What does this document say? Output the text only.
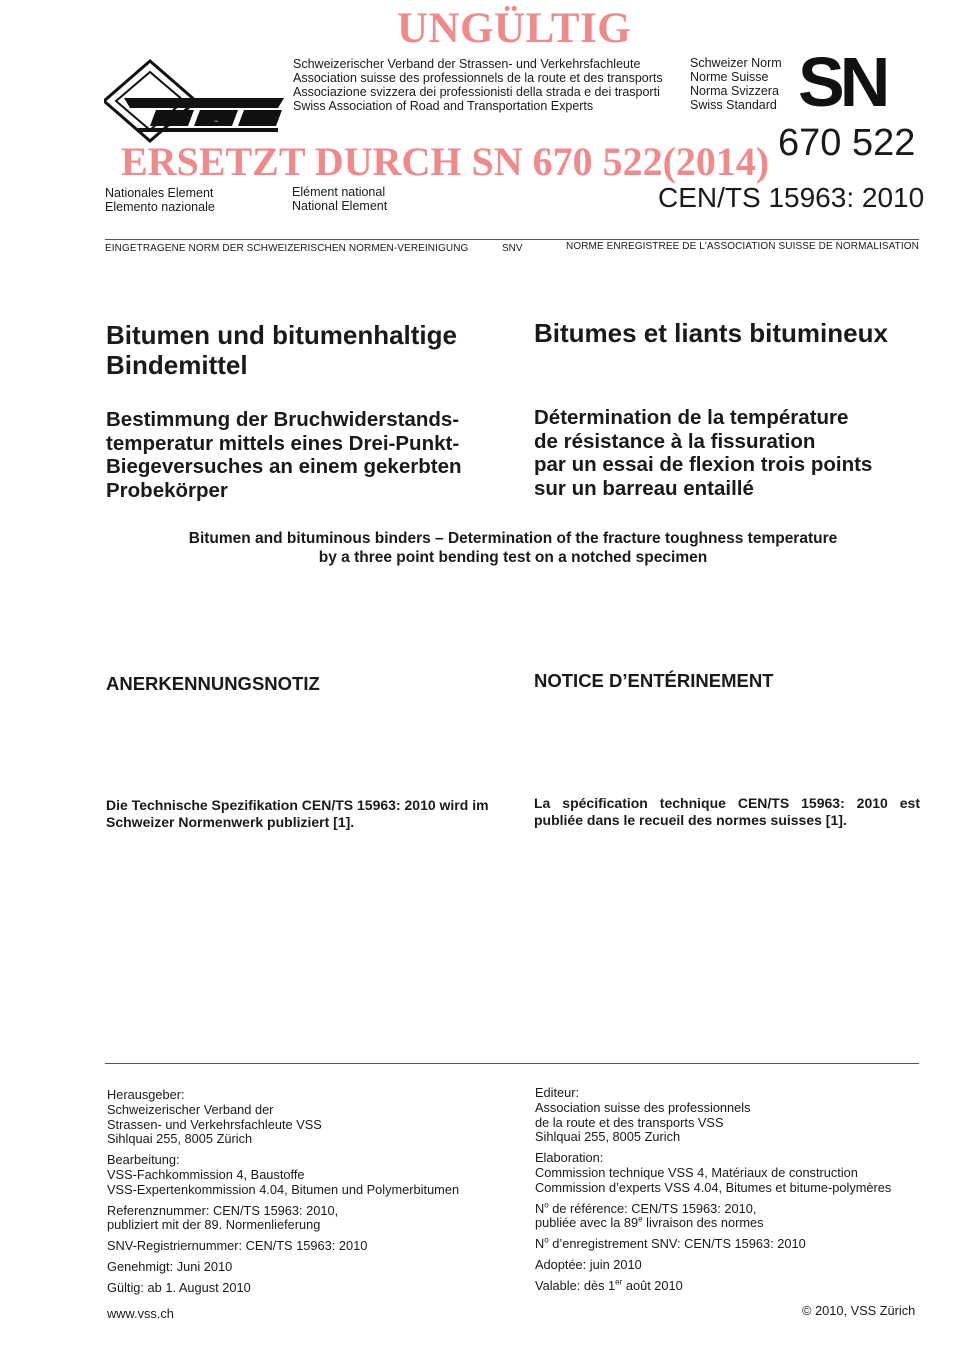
UNGÜLTIG
VSS
Schweizerischer Verband der Strassen- und Verkehrsfachleute
Association suisse des professionnels de la route et des transports
Associazione svizzera dei professionisti della strada e dei trasporti
Swiss Association of Road and Transportation Experts
Schweizer Norm
Norme Suisse
Norma Svizzera
Swiss Standard SN
670 522
ERSETZT DURCH SN 670 522(2014)
CEN/TS 15963: 2010
Nationales Element
Elemento nazionale
Elément national
National Element
EINGETRAGENE NORM DER SCHWEIZERISCHEN NORMEN-VEREINIGUNG	SNV	NORME ENREGISTREE DE L'ASSOCIATION SUISSE DE NORMALISATION
Bitumen und bitumenhaltige
Bindemittel
Bestimmung der Bruchwiderstands-
temperatur mittels eines Drei-Punkt-
Biegeversuches an einem gekerbten
Probekörper
Bitumes et liants bitumineux
Détermination de la température
de résistance à la fissuration
par un essai de flexion trois points
sur un barreau entaillé
Bitumen and bituminous binders – Determination of the fracture toughness temperature
by a three point bending test on a notched specimen
ANERKENNUNGSNOTIZ	NOTICE D’ENTÉRINEMENT
Die Technische Spezifikation CEN/TS 15963: 2010 wird im Schweizer Normenwerk publiziert [1].
La spécification technique CEN/TS 15963: 2010 est publiée dans le recueil des normes suisses [1].
Herausgeber:
Schweizerischer Verband der
Strassen- und Verkehrsfachleute VSS
Sihlquai 255, 8005 Zürich
Bearbeitung:
VSS-Fachkommission 4, Baustoffe
VSS-Expertenkommission 4.04, Bitumen und Polymerbitumen
Referenznummer: CEN/TS 15963: 2010,
publiziert mit der 89. Normenlieferung
SNV-Registriernummer: CEN/TS 15963: 2010
Genehmigt: Juni 2010
Gültig: ab 1. August 2010
Editeur:
Association suisse des professionnels
de la route et des transports VSS
Sihlquai 255, 8005 Zurich
Elaboration:
Commission technique VSS 4, Matériaux de construction
Commission d’experts VSS 4.04, Bitumes et bitume-polymères
$N^o$ de référence: CEN/TS 15963: 2010,
publiée avec la 89e livraison des normes
$N^o$ d’enregistrement SNV: CEN/TS 15963: 2010
Adoptée: juin 2010
Valable: dès 1er août 2010
www.vss.ch	© 2010, VSS Zürich
